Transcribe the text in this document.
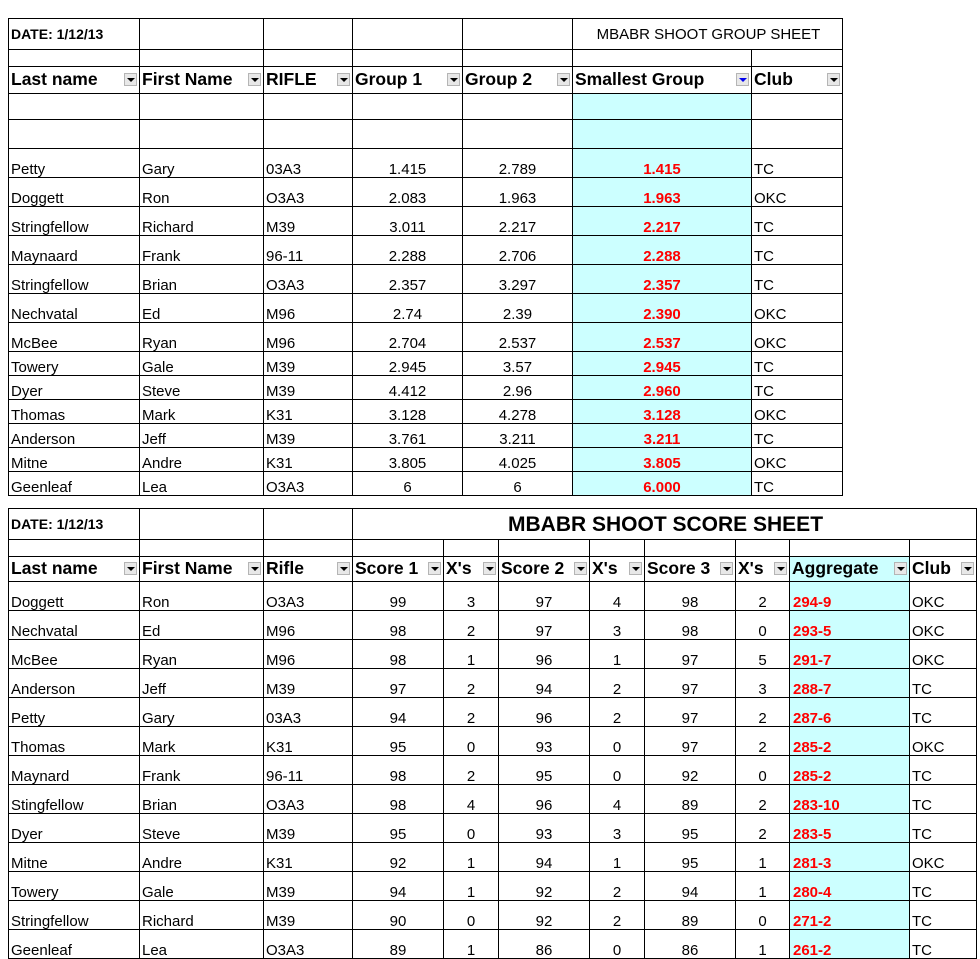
DATE: 1/12/13					MBABR SHOOT GROUP SHEET	

Last name	First Name	RIFLE	Group 1	Group 2	Smallest Group	Club

Petty	Gary	03A3	1.415	2.789	1.415	TC
Doggett	Ron	O3A3	2.083	1.963	1.963	OKC
Stringfellow	Richard	M39	3.011	2.217	2.217	TC
Maynaard	Frank	96-11	2.288	2.706	2.288	TC
Stringfellow	Brian	O3A3	2.357	3.297	2.357	TC
Nechvatal	Ed	M96	2.74	2.39	2.390	OKC
McBee	Ryan	M96	2.704	2.537	2.537	OKC
Towery	Gale	M39	2.945	3.57	2.945	TC
Dyer	Steve	M39	4.412	2.96	2.960	TC
Thomas	Mark	K31	3.128	4.278	3.128	OKC
Anderson	Jeff	M39	3.761	3.211	3.211	TC
Mitne	Andre	K31	3.805	4.025	3.805	OKC
Geenleaf	Lea	O3A3	6	6	6.000	TC
DATE: 1/12/13			MBABR SHOOT SCORE SHEET							

Last name	First Name	Rifle	Score 1	X's	Score 2	X's	Score 3	X's	Aggregate	Club

Doggett	Ron	O3A3	99	3	97	4	98	2	294-9	OKC
Nechvatal	Ed	M96	98	2	97	3	98	0	293-5	OKC
McBee	Ryan	M96	98	1	96	1	97	5	291-7	OKC
Anderson	Jeff	M39	97	2	94	2	97	3	288-7	TC
Petty	Gary	03A3	94	2	96	2	97	2	287-6	TC
Thomas	Mark	K31	95	0	93	0	97	2	285-2	OKC
Maynard	Frank	96-11	98	2	95	0	92	0	285-2	TC
Stingfellow	Brian	O3A3	98	4	96	4	89	2	283-10	TC
Dyer	Steve	M39	95	0	93	3	95	2	283-5	TC
Mitne	Andre	K31	92	1	94	1	95	1	281-3	OKC
Towery	Gale	M39	94	1	92	2	94	1	280-4	TC
Stringfellow	Richard	M39	90	0	92	2	89	0	271-2	TC
Geenleaf	Lea	O3A3	89	1	86	0	86	1	261-2	TC
